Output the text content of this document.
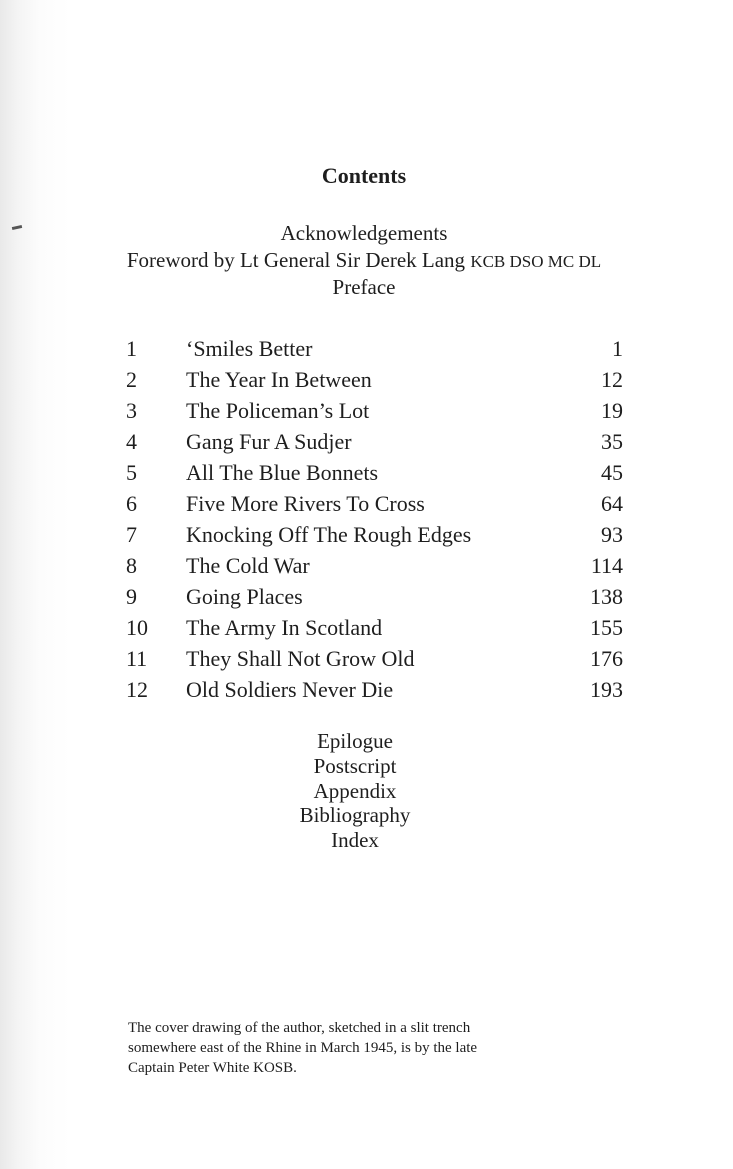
Contents
Acknowledgements
Foreword by Lt General Sir Derek Lang KCB DSO MC DL
Preface
1 ‘Smiles Better	1
2 The Year In Between	12
3 The Policeman’s Lot	19
4 Gang Fur A Sudjer	35
5 All The Blue Bonnets	45
6 Five More Rivers To Cross	64
7 Knocking Off The Rough Edges	93
8 The Cold War	114
9 Going Places	138
10 The Army In Scotland	155
11 They Shall Not Grow Old	176
12 Old Soldiers Never Die	193
Epilogue
Postscript
Appendix
Bibliography
Index
The cover drawing of the author, sketched in a slit trench
somewhere east of the Rhine in March 1945, is by the late
Captain Peter White KOSB.
